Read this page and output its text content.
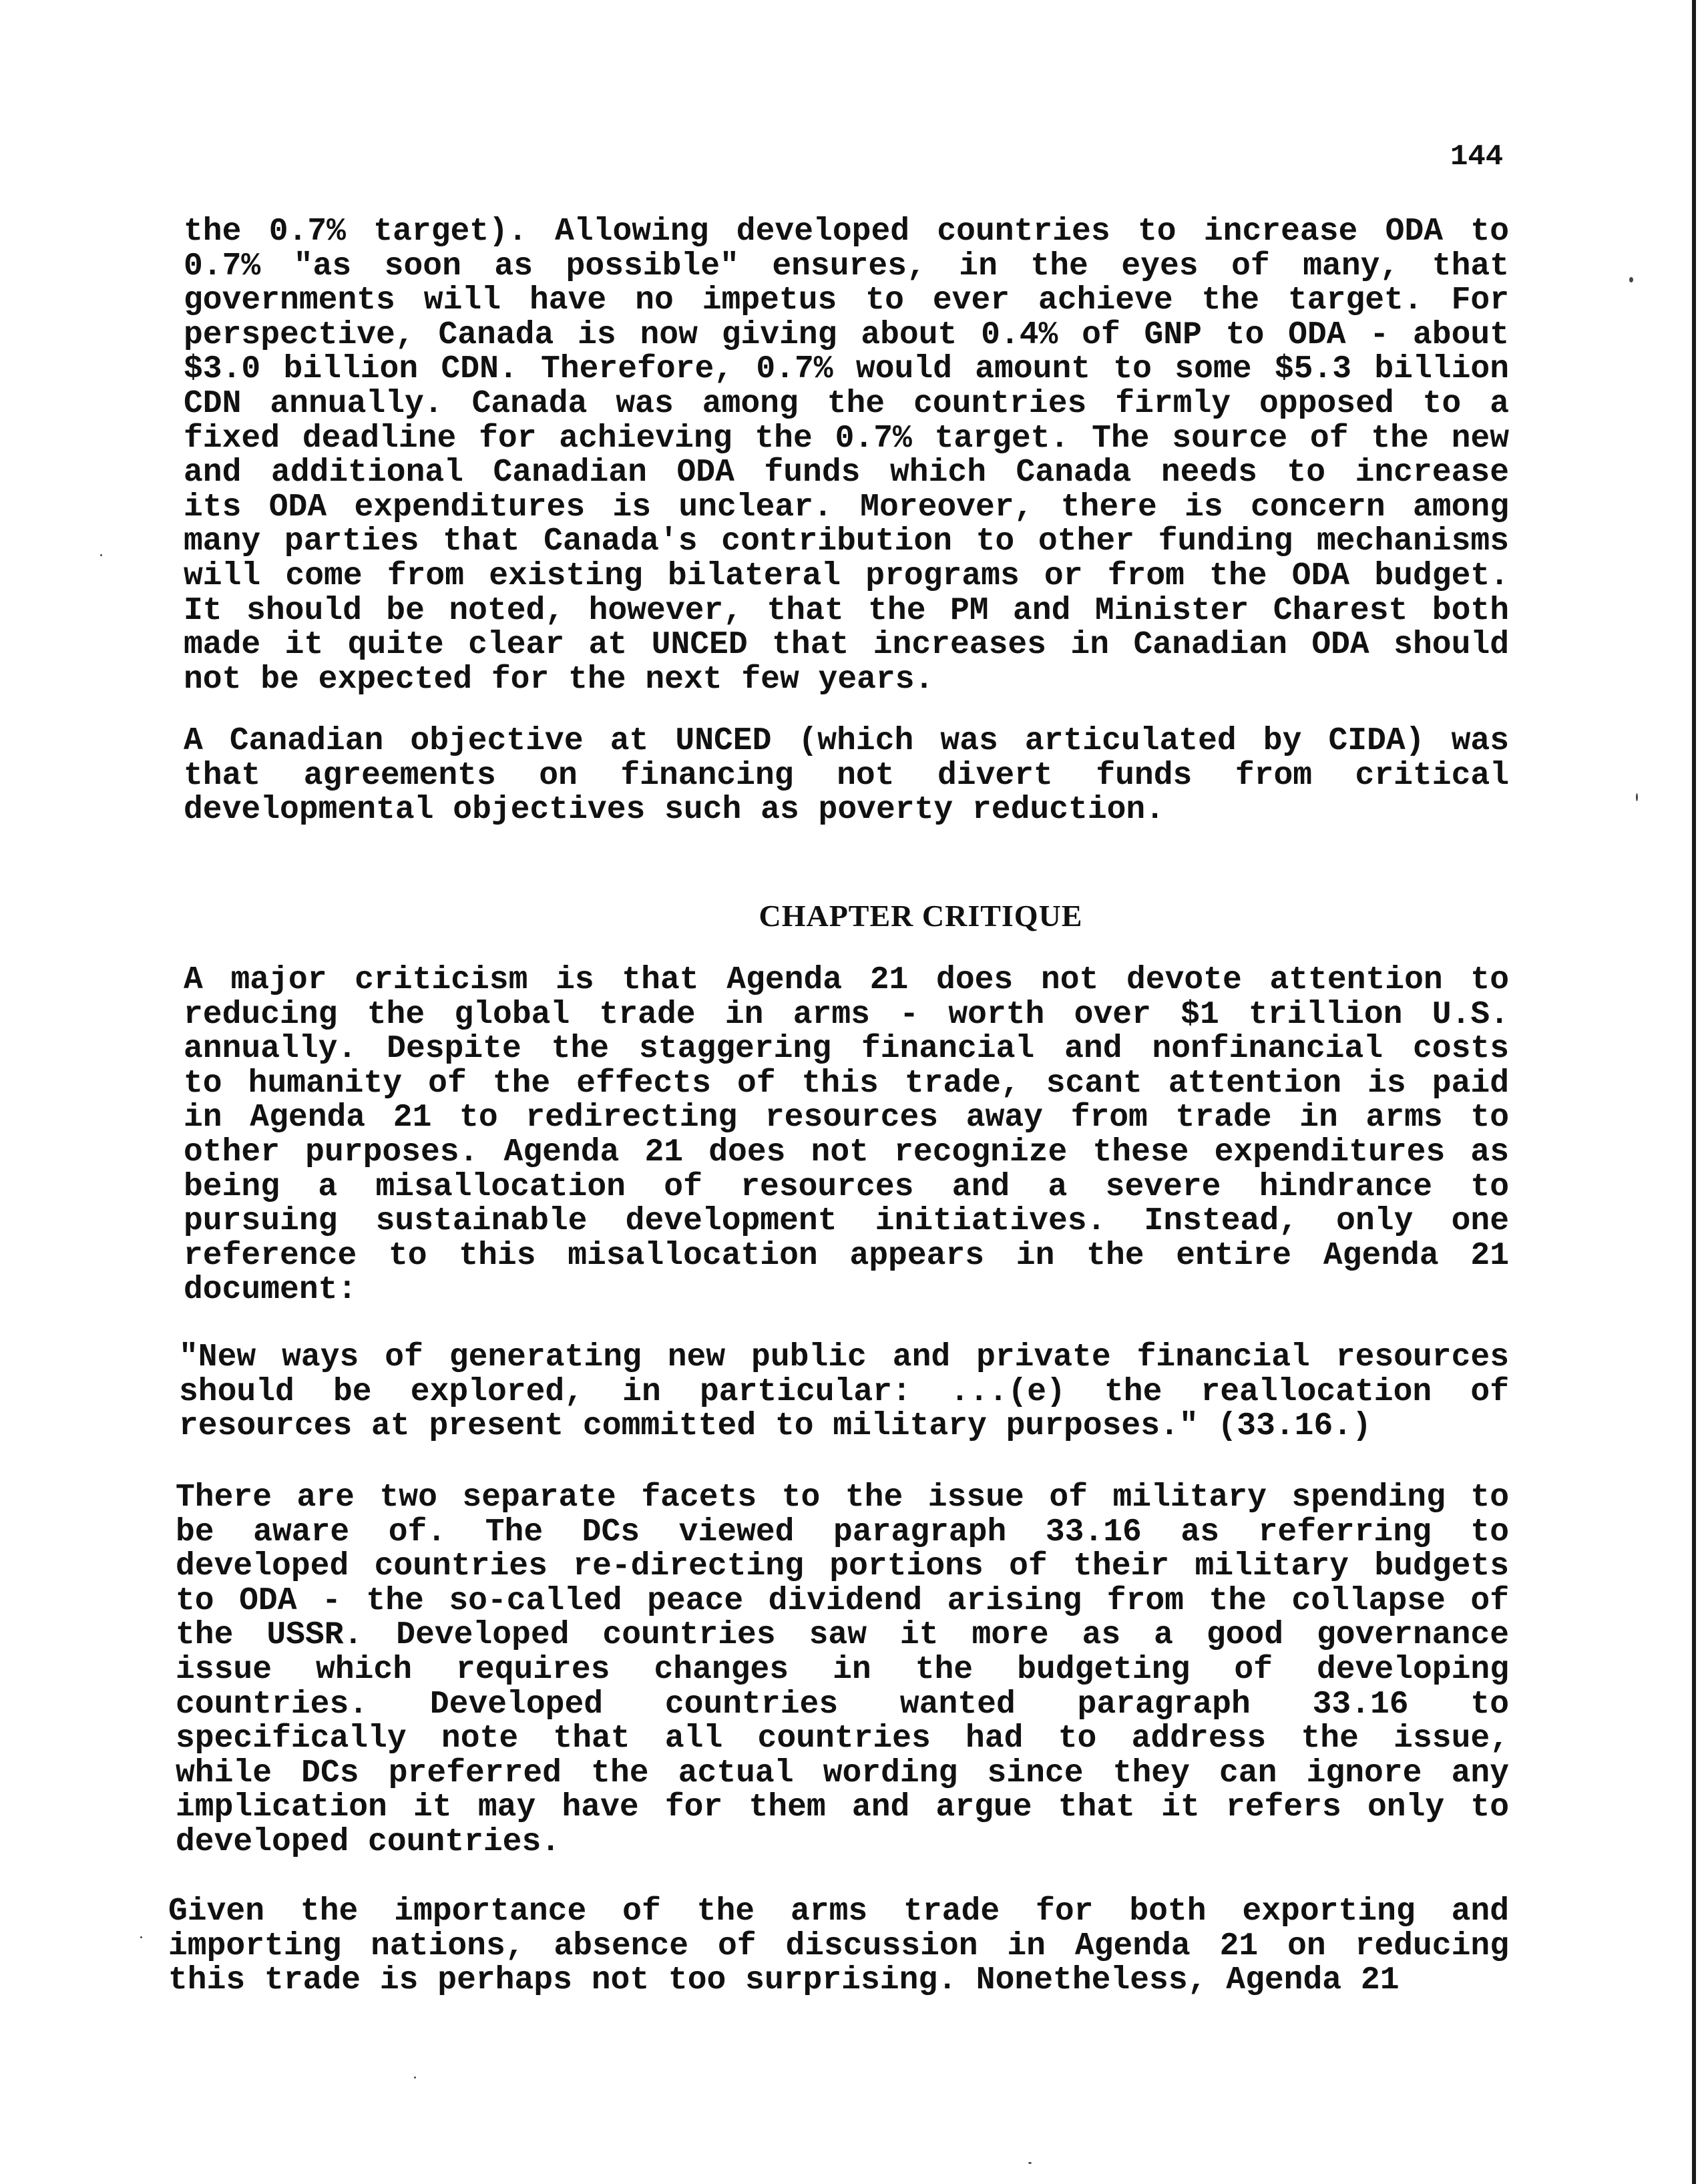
144
the 0.7% target). Allowing developed countries to increase ODA to
0.7% "as soon as possible" ensures, in the eyes of many, that
governments will have no impetus to ever achieve the target. For
perspective, Canada is now giving about 0.4% of GNP to ODA - about
$3.0 billion CDN. Therefore, 0.7% would amount to some $5.3 billion
CDN annually. Canada was among the countries firmly opposed to a
fixed deadline for achieving the 0.7% target. The source of the new
and additional Canadian ODA funds which Canada needs to increase
its ODA expenditures is unclear. Moreover, there is concern among
many parties that Canada's contribution to other funding mechanisms
will come from existing bilateral programs or from the ODA budget.
It should be noted, however, that the PM and Minister Charest both
made it quite clear at UNCED that increases in Canadian ODA should
not be expected for the next few years.
A Canadian objective at UNCED (which was articulated by CIDA) was
that agreements on financing not divert funds from critical
developmental objectives such as poverty reduction.
CHAPTER CRITIQUE
A major criticism is that Agenda 21 does not devote attention to
reducing the global trade in arms - worth over $1 trillion U.S.
annually. Despite the staggering financial and nonfinancial costs
to humanity of the effects of this trade, scant attention is paid
in Agenda 21 to redirecting resources away from trade in arms to
other purposes. Agenda 21 does not recognize these expenditures as
being a misallocation of resources and a severe hindrance to
pursuing sustainable development initiatives. Instead, only one
reference to this misallocation appears in the entire Agenda 21
document:
"New ways of generating new public and private financial resources
should be explored, in particular: ...(e) the reallocation of
resources at present committed to military purposes." (33.16.)
There are two separate facets to the issue of military spending to
be aware of. The DCs viewed paragraph 33.16 as referring to
developed countries re-directing portions of their military budgets
to ODA - the so-called peace dividend arising from the collapse of
the USSR. Developed countries saw it more as a good governance
issue which requires changes in the budgeting of developing
countries. Developed countries wanted paragraph 33.16 to
specifically note that all countries had to address the issue,
while DCs preferred the actual wording since they can ignore any
implication it may have for them and argue that it refers only to
developed countries.
Given the importance of the arms trade for both exporting and
importing nations, absence of discussion in Agenda 21 on reducing
this trade is perhaps not too surprising. Nonetheless, Agenda 21
